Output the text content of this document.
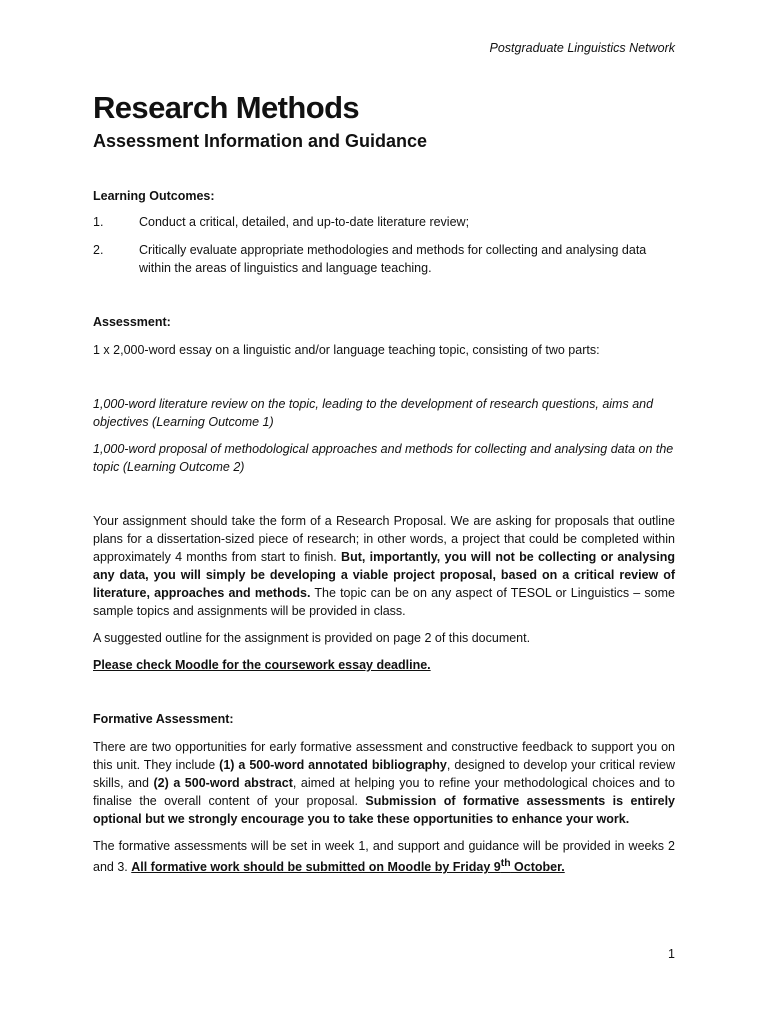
Postgraduate Linguistics Network
Research Methods
Assessment Information and Guidance

Learning Outcomes:

1.	Conduct a critical, detailed, and up-to-date literature review;
2.	Critically evaluate appropriate methodologies and methods for collecting and analysing data within the areas of linguistics and language teaching.

Assessment:

1 x 2,000-word essay on a linguistic and/or language teaching topic, consisting of two parts:

1,000-word literature review on the topic, leading to the development of research questions, aims and objectives (Learning Outcome 1)

1,000-word proposal of methodological approaches and methods for collecting and analysing data on the topic (Learning Outcome 2)

Your assignment should take the form of a Research Proposal. We are asking for proposals that outline plans for a dissertation-sized piece of research; in other words, a project that could be completed within approximately 4 months from start to finish. But, importantly, you will not be collecting or analysing any data, you will simply be developing a viable project proposal, based on a critical review of literature, approaches and methods. The topic can be on any aspect of TESOL or Linguistics – some sample topics and assignments will be provided in class.

A suggested outline for the assignment is provided on page 2 of this document.

Please check Moodle for the coursework essay deadline.

Formative Assessment:

There are two opportunities for early formative assessment and constructive feedback to support you on this unit. They include (1) a 500-word annotated bibliography, designed to develop your critical review skills, and (2) a 500-word abstract, aimed at helping you to refine your methodological choices and to finalise the overall content of your proposal. Submission of formative assessments is entirely optional but we strongly encourage you to take these opportunities to enhance your work.

The formative assessments will be set in week 1, and support and guidance will be provided in weeks 2 and 3. All formative work should be submitted on Moodle by Friday 9th October.

1
